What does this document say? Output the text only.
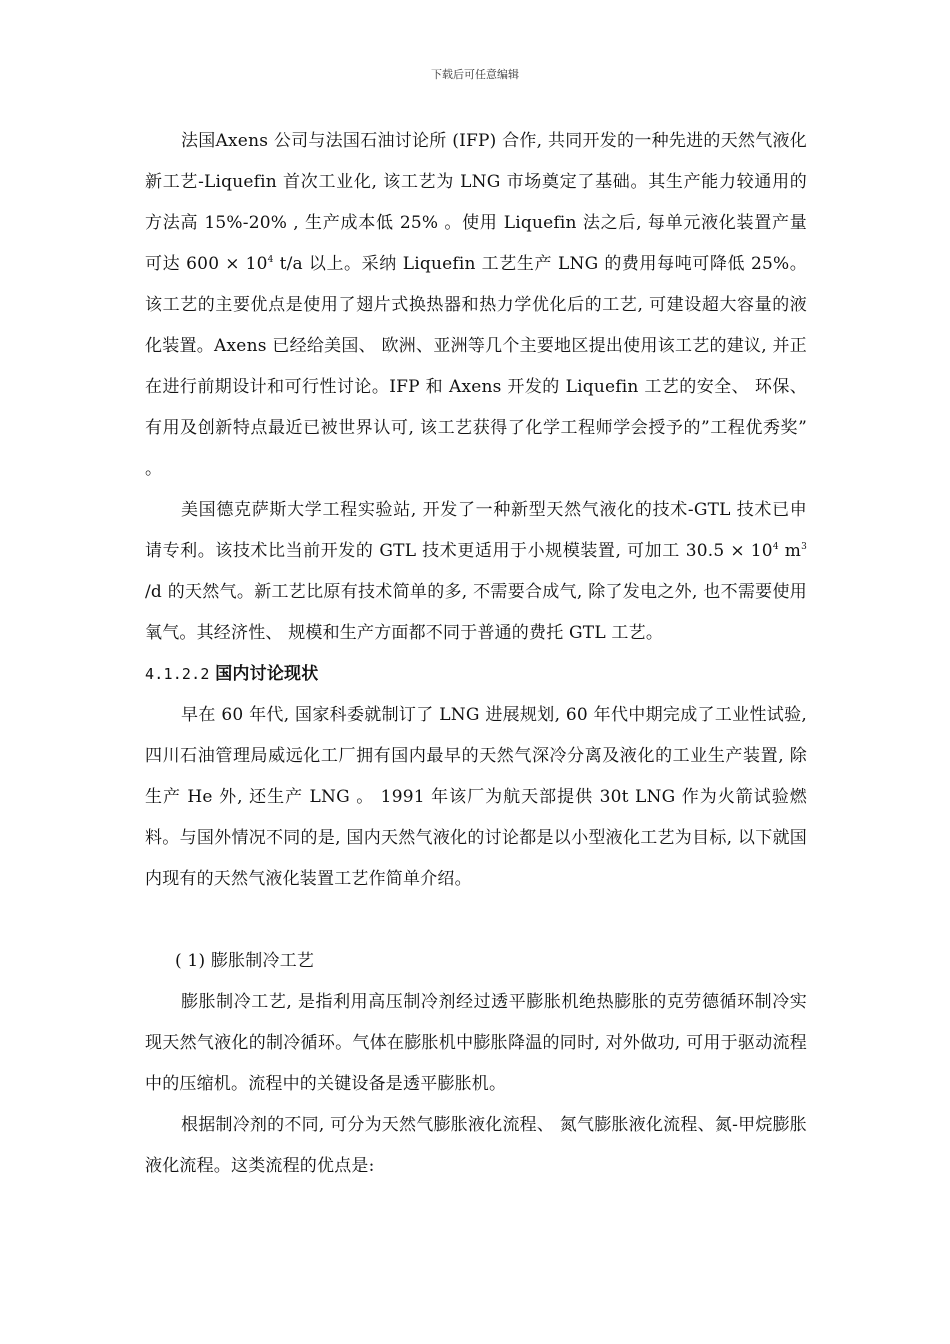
下载后可任意编辑

法国Axens 公司与法国石油讨论所 (IFP) 合作, 共同开发的一种先进的天然气液化新工艺-Liquefin 首次工业化, 该工艺为 LNG 市场奠定了基础。其生产能力较通用的方法高 15%-20% , 生产成本低 25% 。使用 Liquefin 法之后, 每单元液化装置产量可达 $600 \times 10^4$ t/a 以上。采纳 Liquefin 工艺生产 LNG 的费用每吨可降低 25%。该工艺的主要优点是使用了翅片式换热器和热力学优化后的工艺, 可建设超大容量的液化装置。Axens 已经给美国、 欧洲、亚洲等几个主要地区提出使用该工艺的建议, 并正在进行前期设计和可行性讨论。IFP 和 Axens 开发的 Liquefin 工艺的安全、 环保、 有用及创新特点最近已被世界认可, 该工艺获得了化学工程师学会授予的”工程优秀奖” 。

美国德克萨斯大学工程实验站, 开发了一种新型天然气液化的技术-GTL 技术已申请专利。该技术比当前开发的 GTL 技术更适用于小规模装置, 可加工 $30.5 \times 10^4$ $m^3$ /d 的天然气。新工艺比原有技术简单的多, 不需要合成气, 除了发电之外, 也不需要使用氧气。其经济性、 规模和生产方面都不同于普通的费托 GTL 工艺。

4.1.2.2 国内讨论现状

早在 60 年代, 国家科委就制订了 LNG 进展规划, 60 年代中期完成了工业性试验, 四川石油管理局威远化工厂拥有国内最早的天然气深冷分离及液化的工业生产装置, 除生产 He 外, 还生产 LNG 。 1991 年该厂为航天部提供 30t LNG 作为火箭试验燃料。与国外情况不同的是, 国内天然气液化的讨论都是以小型液化工艺为目标, 以下就国内现有的天然气液化装置工艺作简单介绍。

( 1) 膨胀制冷工艺

膨胀制冷工艺, 是指利用高压制冷剂经过透平膨胀机绝热膨胀的克劳德循环制冷实现天然气液化的制冷循环。气体在膨胀机中膨胀降温的同时, 对外做功, 可用于驱动流程中的压缩机。流程中的关键设备是透平膨胀机。

根据制冷剂的不同, 可分为天然气膨胀液化流程、 氮气膨胀液化流程、氮-甲烷膨胀液化流程。这类流程的优点是:
